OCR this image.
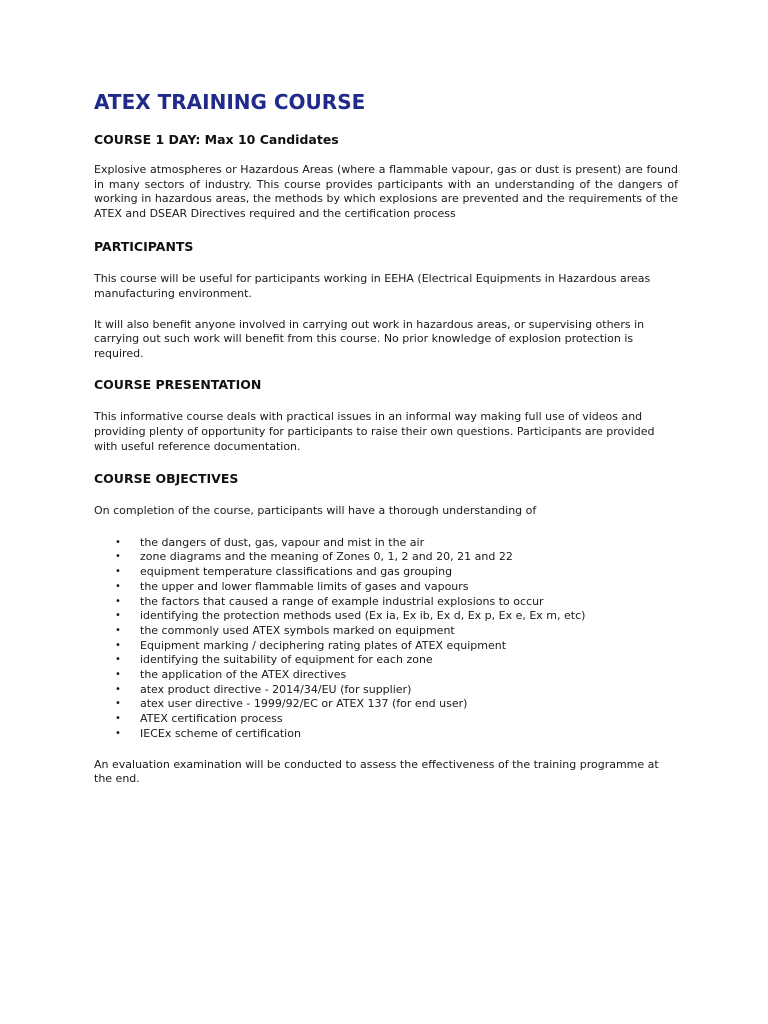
ATEX TRAINING COURSE
COURSE 1 DAY: Max 10 Candidates

Explosive atmospheres or Hazardous Areas (where a flammable vapour, gas or dust is present) are found in many sectors of industry. This course provides participants with an understanding of the dangers of working in hazardous areas, the methods by which explosions are prevented and the requirements of the ATEX and DSEAR Directives required and the certification process

PARTICIPANTS

This course will be useful for participants working in EEHA (Electrical Equipments in Hazardous areas manufacturing environment.

It will also benefit anyone involved in carrying out work in hazardous areas, or supervising others in carrying out such work will benefit from this course. No prior knowledge of explosion protection is required.

COURSE PRESENTATION

This informative course deals with practical issues in an informal way making full use of videos and providing plenty of opportunity for participants to raise their own questions. Participants are provided with useful reference documentation.

COURSE OBJECTIVES

On completion of the course, participants will have a thorough understanding of

• the dangers of dust, gas, vapour and mist in the air
• zone diagrams and the meaning of Zones 0, 1, 2 and 20, 21 and 22
• equipment temperature classifications and gas grouping
• the upper and lower flammable limits of gases and vapours
• the factors that caused a range of example industrial explosions to occur
• identifying the protection methods used (Ex ia, Ex ib, Ex d, Ex p, Ex e, Ex m, etc)
• the commonly used ATEX symbols marked on equipment
• Equipment marking / deciphering rating plates of ATEX equipment
• identifying the suitability of equipment for each zone
• the application of the ATEX directives
• atex product directive - 2014/34/EU (for supplier)
• atex user directive - 1999/92/EC or ATEX 137 (for end user)
• ATEX certification process
• IECEx scheme of certification

An evaluation examination will be conducted to assess the effectiveness of the training programme at the end.
